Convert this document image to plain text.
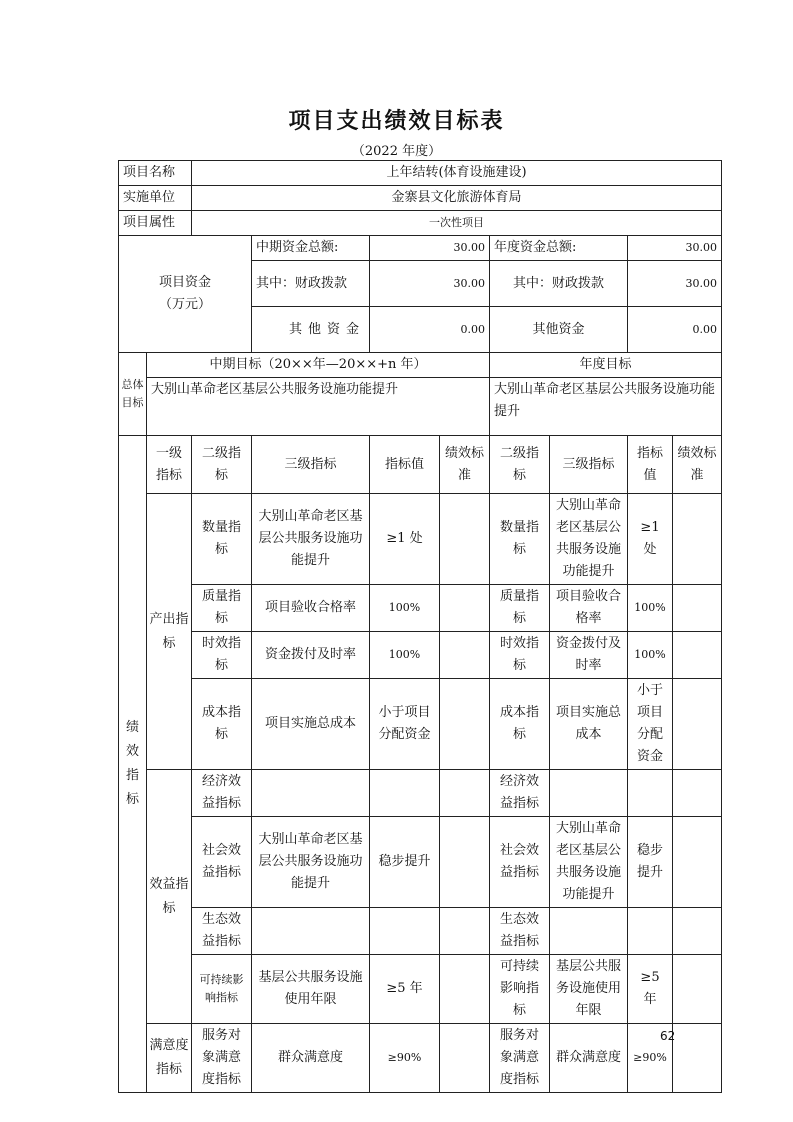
项目支出绩效目标表
（2022 年度）
项目名称		上年结转(体育设施建设)							
实施单位		金寨县文化旅游体育局							
项目属性		一次性项目							

项目资金
（万元）			中期资金总额:	30.00		年度资金总额:		30.00	
			其中：财政拨款	30.00		其中：财政拨款		30.00	
			其他资金	0.00		其他资金		0.00	
总体目标	中期目标（20××年—20××+n 年）					年度目标			
	大别山革命老区基层公共服务设施功能提升					大别山革命老区基层公共服务设施功能提升			
绩效指标	一级指标	二级指标	三级指标	指标值	绩效标准	二级指标	三级指标	指标值	绩效标准
	产出指标	数量指标	大别山革命老区基层公共服务设施功能提升	≥1 处		数量指标	大别山革命老区基层公共服务设施功能提升	≥1 处	
		质量指标	项目验收合格率	100%		质量指标	项目验收合格率	100%	
		时效指标	资金拨付及时率	100%		时效指标	资金拨付及时率	100%	
		成本指标	项目实施总成本	小于项目分配资金		成本指标	项目实施总成本	小于项目分配资金	
	效益指标	经济效益指标				经济效益指标			
		社会效益指标	大别山革命老区基层公共服务设施功能提升	稳步提升		社会效益指标	大别山革命老区基层公共服务设施功能提升	稳步提升	
		生态效益指标				生态效益指标			
		可持续影响指标	基层公共服务设施使用年限	≥5 年		可持续影响指标	基层公共服务设施使用年限	≥5 年	
	满意度指标	服务对象满意度指标	群众满意度	≥90%		服务对象满意度指标	群众满意度	≥90%	
62
